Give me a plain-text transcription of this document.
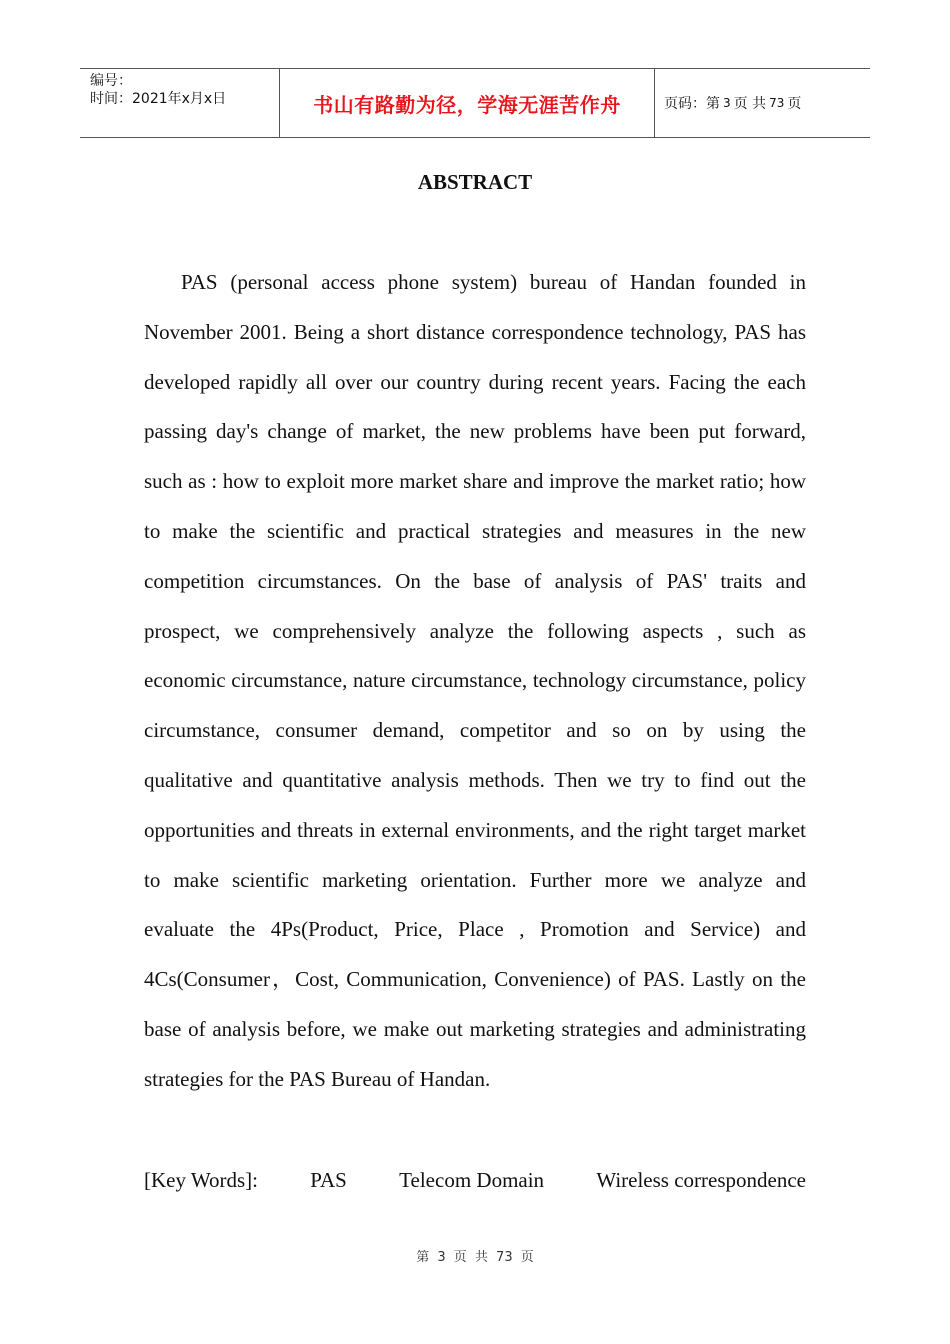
编号：
时间：2021年x月x日	书山有路勤为径，学海无涯苦作舟	页码：第 3 页 共 73 页
ABSTRACT

PAS (personal access phone system) bureau of Handan founded in November 2001. Being a short distance correspondence technology, PAS has developed rapidly all over our country during recent years. Facing the each passing day's change of market, the new problems have been put forward, such as : how to exploit more market share and improve the market ratio; how to make the scientific and practical strategies and measures in the new competition circumstances. On the base of analysis of PAS' traits and prospect, we comprehensively analyze the following aspects , such as economic circumstance, nature circumstance, technology circumstance, policy circumstance, consumer demand, competitor and so on by using the qualitative and quantitative analysis methods. Then we try to find out the opportunities and threats in external environments, and the right target market to make scientific marketing orientation. Further more we analyze and evaluate the 4Ps(Product, Price, Place , Promotion and Service) and 4Cs(Consumer，Cost, Communication, Convenience) of PAS. Lastly on the base of analysis before, we make out marketing strategies and administrating strategies for the PAS Bureau of Handan.

[Key Words]: PAS Telecom Domain Wireless correspondence
第 3 页 共 73 页
